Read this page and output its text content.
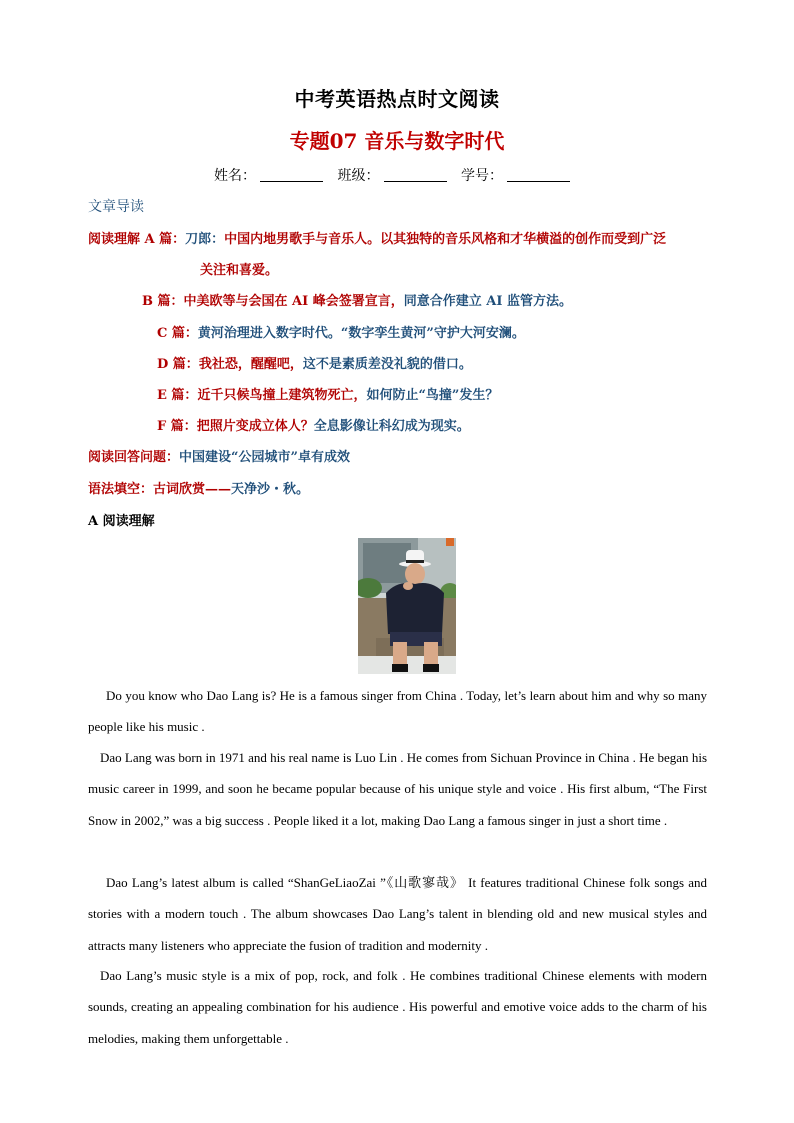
中考英语热点时文阅读
专题07 音乐与数字时代
姓名：	班级：	学号：
文章导读
阅读理解 A 篇：刀郎：中国内地男歌手与音乐人。以其独特的音乐风格和才华横溢的创作而受到广泛
关注和喜爱。
B 篇：中美欧等与会国在 AI 峰会签署宣言，同意合作建立 AI 监管方法。
C 篇：黄河治理进入数字时代。“数字孪生黄河”守护大河安澜。
D 篇：我社恐，醒醒吧，这不是素质差没礼貌的借口。
E 篇：近千只候鸟撞上建筑物死亡，如何防止“鸟撞”发生？
F 篇：把照片变成立体人？全息影像让科幻成为现实。
阅读回答问题：中国建设“公园城市”卓有成效
语法填空：古词欣赏——天净沙・秋。
A 阅读理解
Do you know who Dao Lang is? He is a famous singer from China . Today, let’s learn about him and why so many people like his music .
Dao Lang was born in 1971 and his real name is Luo Lin . He comes from Sichuan Province in China . He began his music career in 1999, and soon he became popular because of his unique style and voice . His first album, “The First Snow in 2002,” was a big success . People liked it a lot, making Dao Lang a famous singer in just a short time .
Dao Lang’s latest album is called “ShanGeLiaoZai ”《山歌寥哉》 It features traditional Chinese folk songs and stories with a modern touch . The album showcases Dao Lang’s talent in blending old and new musical styles and attracts many listeners who appreciate the fusion of tradition and modernity .
Dao Lang’s music style is a mix of pop, rock, and folk . He combines traditional Chinese elements with modern sounds, creating an appealing combination for his audience . His powerful and emotive voice adds to the charm of his melodies, making them unforgettable .
